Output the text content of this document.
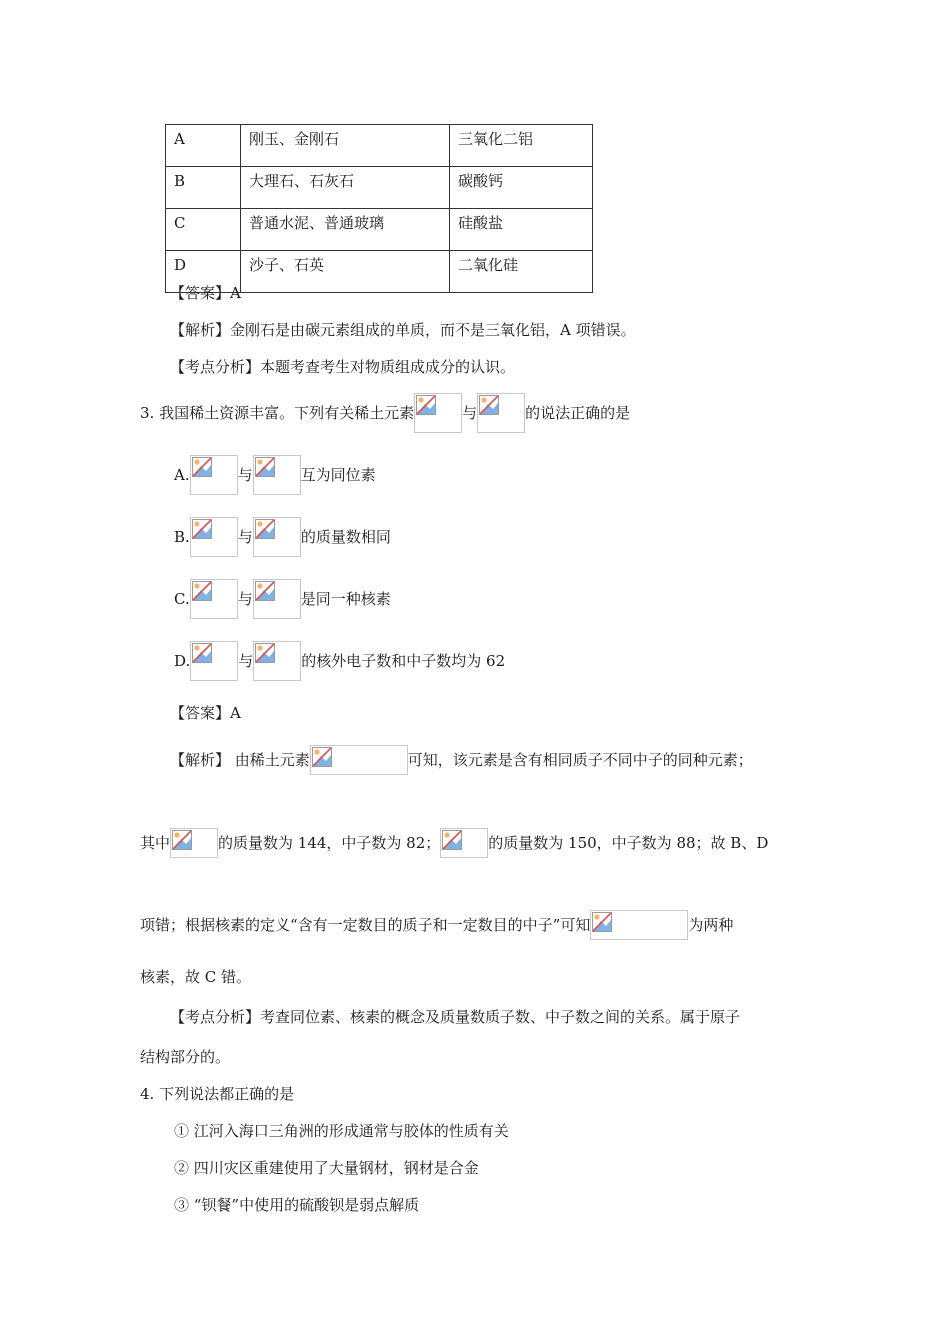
A	刚玉、金刚石	三氧化二铝
B	大理石、石灰石	碳酸钙
C	普通水泥、普通玻璃	硅酸盐
D	沙子、石英	二氧化硅
【答案】A
【解析】金刚石是由碳元素组成的单质，而不是三氧化铝，A 项错误。
【考点分析】本题考查考生对物质组成成分的认识。
3. 我国稀土资源丰富。下列有关稀土元素	与	的说法正确的是
A.	与	互为同位素
B.	与	的质量数相同
C.	与	是同一种核素
D.	与	的核外电子数和中子数均为 62
【答案】A
【解析】 由稀土元素	可知，该元素是含有相同质子不同中子的同种元素；
其中	的质量数为 144，中子数为 82；	的质量数为 150，中子数为 88；故 B、D
项错；根据核素的定义“含有一定数目的质子和一定数目的中子”可知	为两种
核素，故 C 错。
【考点分析】考查同位素、核素的概念及质量数质子数、中子数之间的关系。属于原子
结构部分的。
4. 下列说法都正确的是
① 江河入海口三角洲的形成通常与胶体的性质有关
② 四川灾区重建使用了大量钢材，钢材是合金
③ “钡餐”中使用的硫酸钡是弱点解质
